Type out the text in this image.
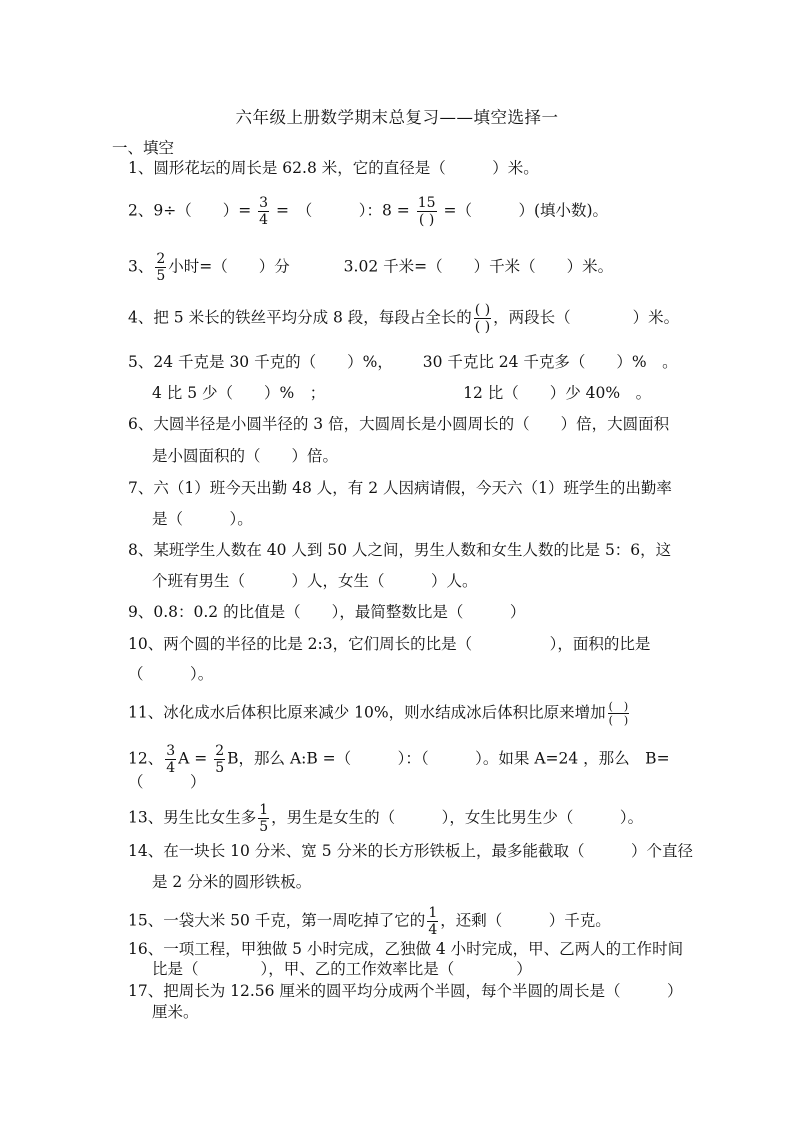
六年级上册数学期末总复习——填空选择一
一、填空
1、圆形花坛的周长是 62.8 米，它的直径是（　　　）米。
2、9÷（　　）= $\frac{3}{4}$ =　（　　　）：$8 = \frac{15}{( )}$ =（　　　）(填小数)。
3、 $\frac{2}{5}$ 小时=（　　）分	3.02 千米=（　　）千米（　　）米。
4、把 5 米长的铁丝平均分成 8 段，每段占全长的 $\frac{( )}{( )}$ ，两段长（　　　　）米。
5、24 千克是 30 千克的（　　）%， 30 千克比 24 千克多（　　）%　。
4 比 5 少（　　）%　；	12 比（　　）少 40%　。
6、大圆半径是小圆半径的 3 倍，大圆周长是小圆周长的（　　）倍，大圆面积
是小圆面积的（　　）倍。
7、六（1）班今天出勤 48 人，有 2 人因病请假，今天六（1）班学生的出勤率
是（　　　）。
8、某班学生人数在 40 人到 50 人之间，男生人数和女生人数的比是 5：6，这
个班有男生（　　　）人，女生（　　　）人。
9、0.8：0.2 的比值是（　　），最简整数比是（　　　）
10、两个圆的半径的比是 2:3，它们周长的比是（　　　　　），面积的比是
（　　　）。
11、冰化成水后体积比原来减少 10%，则水结成冰后体积比原来增加 $\frac{( )}{( )}$
12、 $\frac{3}{4}$ $A = \frac{2}{5}$ B，那么 A:B =（　　　）：（　　　）。如果 A=24 ，那么　B=
（　　　）
13、男生比女生多 $\frac{1}{5}$ ，男生是女生的（　　　），女生比男生少（　　　）。
14、在一块长 10 分米、宽 5 分米的长方形铁板上，最多能截取（　　　）个直径
是 2 分米的圆形铁板。
15、一袋大米 50 千克，第一周吃掉了它的 $\frac{1}{4}$ ，还剩（　　　）千克。
16、一项工程，甲独做 5 小时完成，乙独做 4 小时完成，甲、乙两人的工作时间
比是（　　　　），甲、乙的工作效率比是（　　　　）
17、把周长为 12.56 厘米的圆平均分成两个半圆，每个半圆的周长是（　　　）
厘米。
